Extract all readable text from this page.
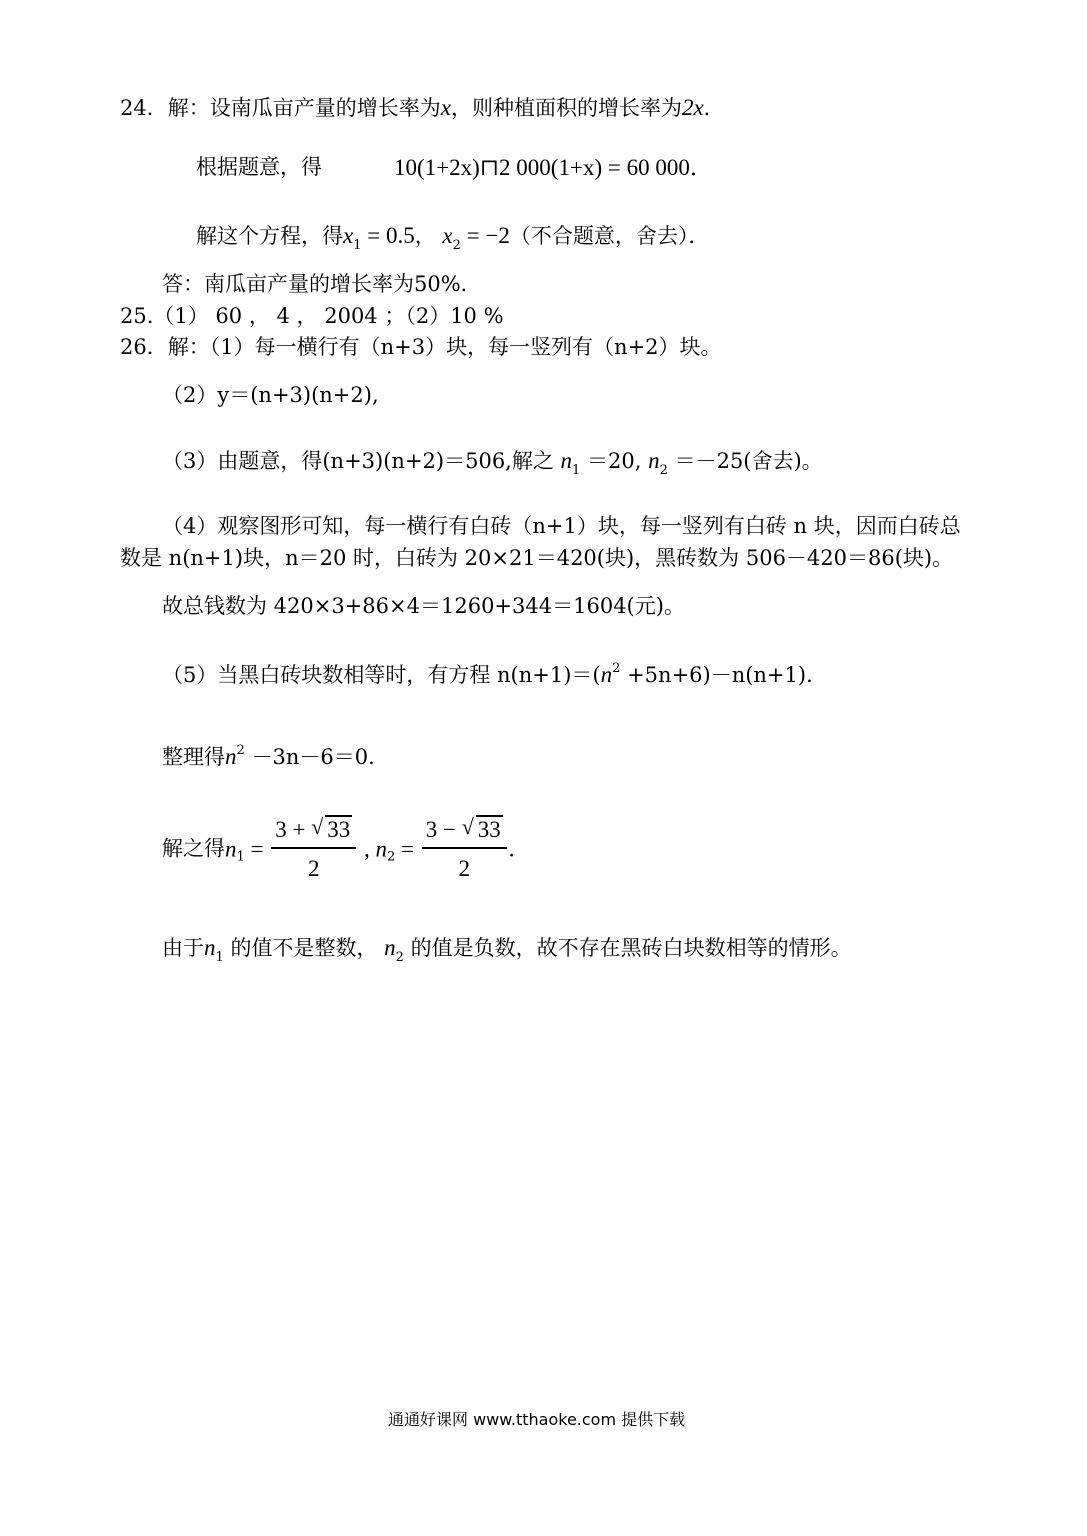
24．解：设南瓜亩产量的增长率为x，则种植面积的增长率为2x．
根据题意，得	10(1+2x)⊓2 000(1+x) = 60 000．
解这个方程，得$x_1 = 0.5$， $x_2 = -2$（不合题意，舍去）．
答：南瓜亩产量的增长率为50%．
25.（1） 60 ， 4 ， 2004 ；（2）10 %
26．解：（1）每一横行有（n+3）块，每一竖列有（n+2）块。
（2）y＝(n+3)(n+2),
（3）由题意，得(n+3)(n+2)＝506,解之 $n_1 =20$, $n_2 =-25$(舍去)。
（4）观察图形可知，每一横行有白砖（n+1）块，每一竖列有白砖 n 块，因而白砖总
数是 n(n+1)块，n＝20 时，白砖为 20×21＝420(块)，黑砖数为 506－420＝86(块)。
故总钱数为 420×3+86×4＝1260+344＝1604(元)。
（5）当黑白砖块数相等时，有方程 $n(n+1)=(n^2 +5n+6)-n(n+1)$.
整理得$n^2 -3n-6=0$.
解之得$n_1 = \frac{3 + √ 33}{2}$ , $n_2 = \frac{3 - √ 33}{2}$ .
由于$n_1$ 的值不是整数， $n_2$ 的值是负数，故不存在黑砖白块数相等的情形。
通通好课网 www.tthaoke.com 提供下载
